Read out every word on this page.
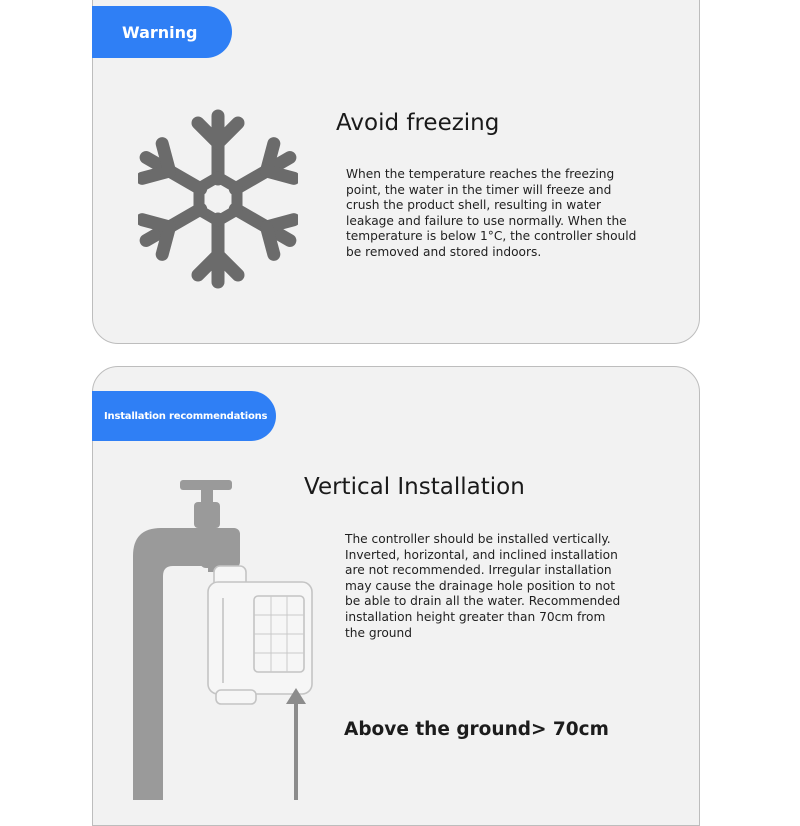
Warning
Avoid freezing
When the temperature reaches the freezing
point, the water in the timer will freeze and
crush the product shell, resulting in water
leakage and failure to use normally. When the
temperature is below 1°C, the controller should
be removed and stored indoors.
Installation recommendations
Vertical Installation
The controller should be installed vertically.
Inverted, horizontal, and inclined installation
are not recommended. Irregular installation
may cause the drainage hole position to not
be able to drain all the water. Recommended
installation height greater than 70cm from
the ground
Above the ground> 70cm
